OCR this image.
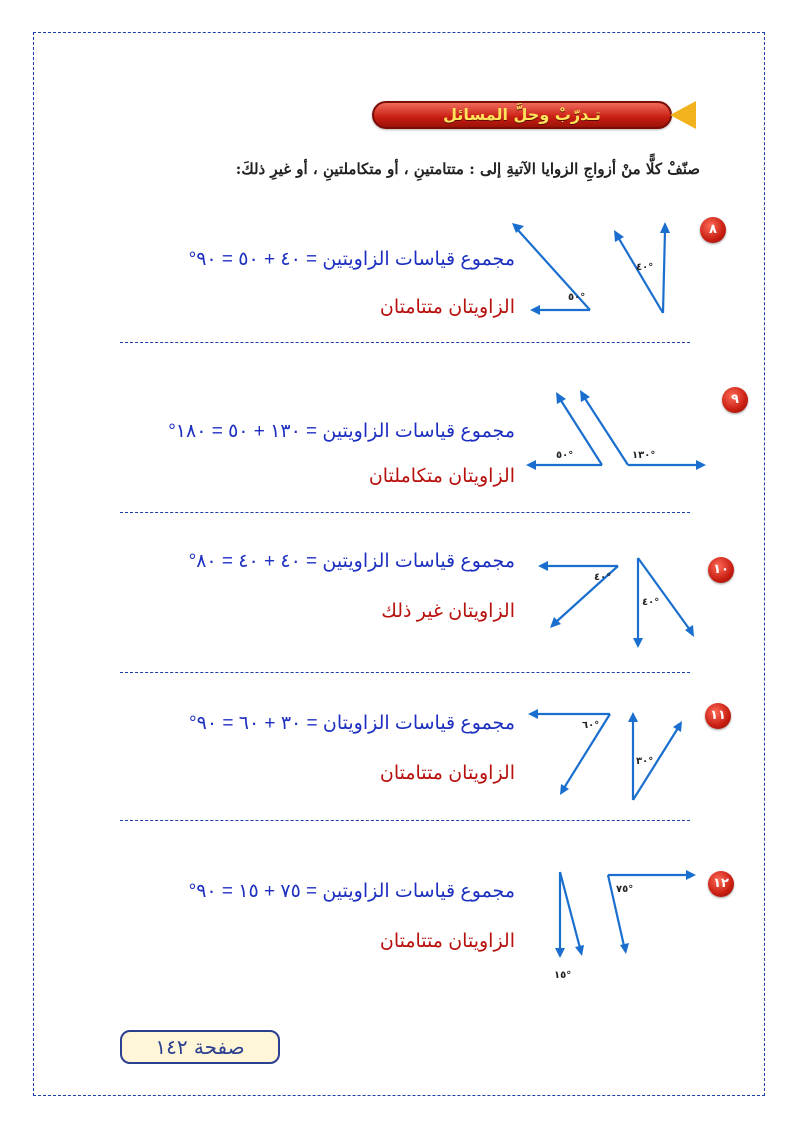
تـدرّبْ وحلَّ المسائل
صنّفْ كلًّا منْ أزواجِ الزوايا الآتيةِ إلى : متتامتينِ ، أو متكاملتينِ ، أو غيرِ ذلكَ:
٨
مجموع قياسات الزاويتين = ٤٠ + ٥٠ = ٩٠°
الزاويتان متتامتان	٥٠°
٤٠°
٩
مجموع قياسات الزاويتين = ١٣٠ + ٥٠ = ١٨٠°
الزاويتان متكاملتان
٥٠°	١٣٠°
١٠
مجموع قياسات الزاويتين = ٤٠ + ٤٠ = ٨٠°
الزاويتان غير ذلك
٤٠°
٤٠°
١١
مجموع قياسات الزاويتان = ٣٠ + ٦٠ = ٩٠°
الزاويتان متتامتان
٦٠°
٣٠°
١٢
مجموع قياسات الزاويتين = ٧٥ + ١٥ = ٩٠°
الزاويتان متتامتان
٧٥°
١٥°
صفحة ١٤٢
